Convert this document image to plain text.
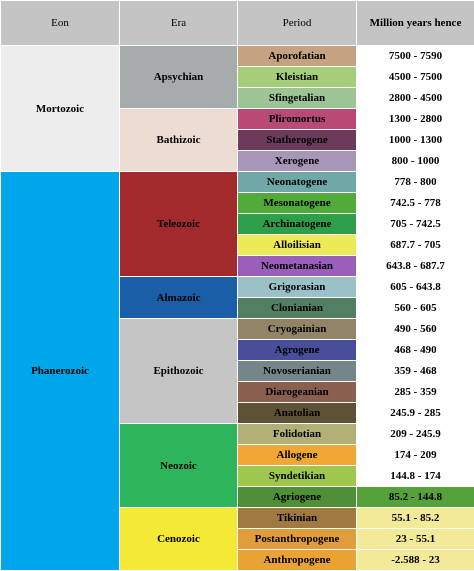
Eon	Era	Period	Million years hence
Mortozoic	Apsychian	Aporofatian	7500 - 7590
		Kleistian	4500 - 7500
		Sfingetalian	2800 - 4500
	Bathizoic	Pliromortus	1300 - 2800
		Statherogene	1000 - 1300
		Xerogene	800 - 1000
Phanerozoic	Teleozoic	Neonatogene	778 - 800
		Mesonatogene	742.5 - 778
		Archinatogene	705 - 742.5
		Alloilisian	687.7 - 705
		Neometanasian	643.8 - 687.7
	Almazoic	Grigorasian	605 - 643.8
		Clonianian	560 - 605
	Epithozoic	Cryogainian	490 - 560
		Agrogene	468 - 490
		Novoserianian	359 - 468
		Diarogeanian	285 - 359
		Anatolian	245.9 - 285
	Neozoic	Folidotian	209 - 245.9
		Allogene	174 - 209
		Syndetikian	144.8 - 174
		Agriogene	85.2 - 144.8
	Cenozoic	Tikinian	55.1 - 85.2
		Postanthropogene	23 - 55.1
		Anthropogene	-2.588 - 23
